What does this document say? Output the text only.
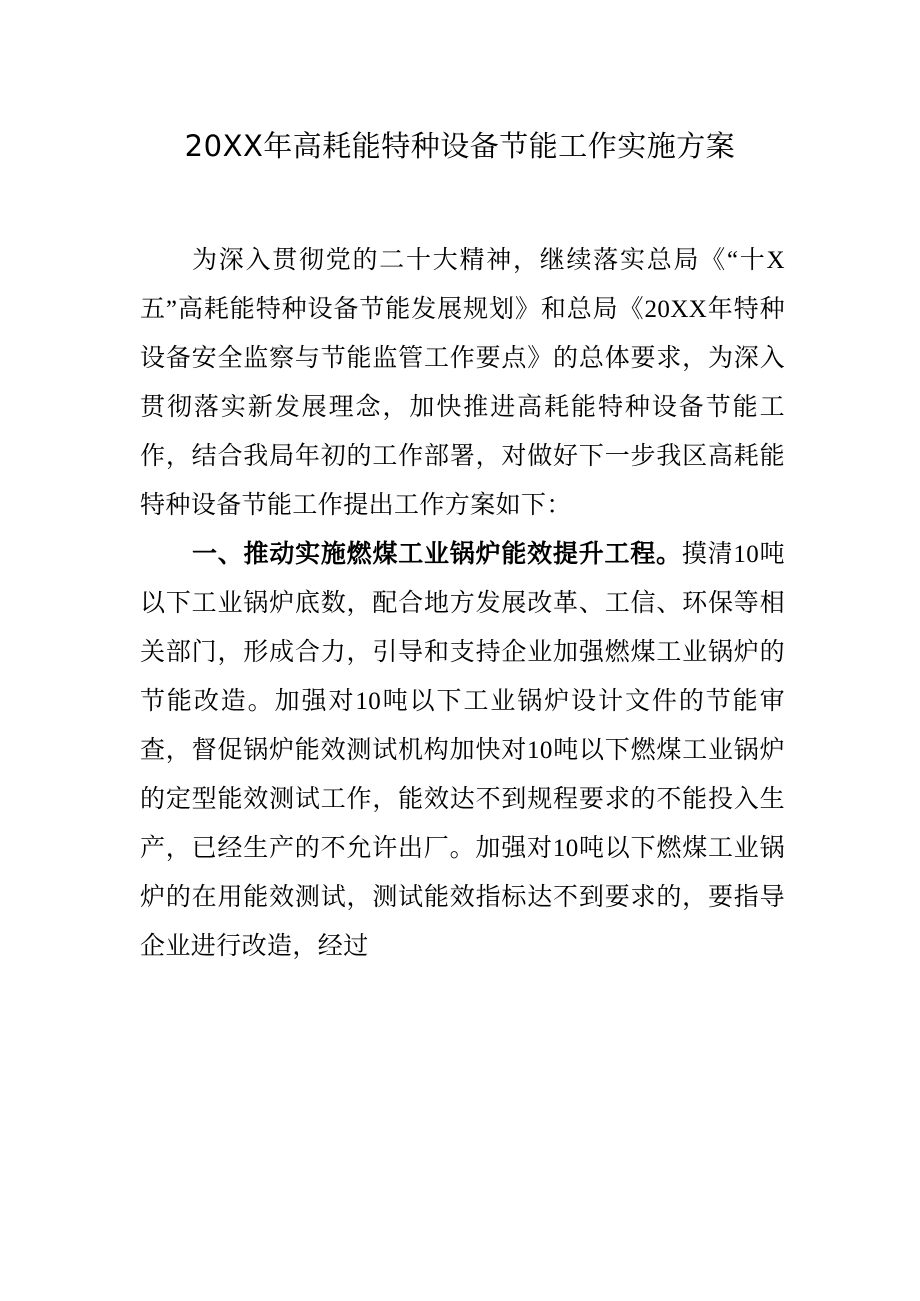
20XX年高耗能特种设备节能工作实施方案

为深入贯彻党的二十大精神，继续落实总局《“十X五”高耗能特种设备节能发展规划》和总局《20XX年特种设备安全监察与节能监管工作要点》的总体要求，为深入贯彻落实新发展理念，加快推进高耗能特种设备节能工作，结合我局年初的工作部署，对做好下一步我区高耗能特种设备节能工作提出工作方案如下：

一、推动实施燃煤工业锅炉能效提升工程。摸清10吨以下工业锅炉底数，配合地方发展改革、工信、环保等相关部门，形成合力，引导和支持企业加强燃煤工业锅炉的节能改造。加强对10吨以下工业锅炉设计文件的节能审查，督促锅炉能效测试机构加快对10吨以下燃煤工业锅炉的定型能效测试工作，能效达不到规程要求的不能投入生产，已经生产的不允许出厂。加强对10吨以下燃煤工业锅炉的在用能效测试，测试能效指标达不到要求的，要指导企业进行改造，经过
